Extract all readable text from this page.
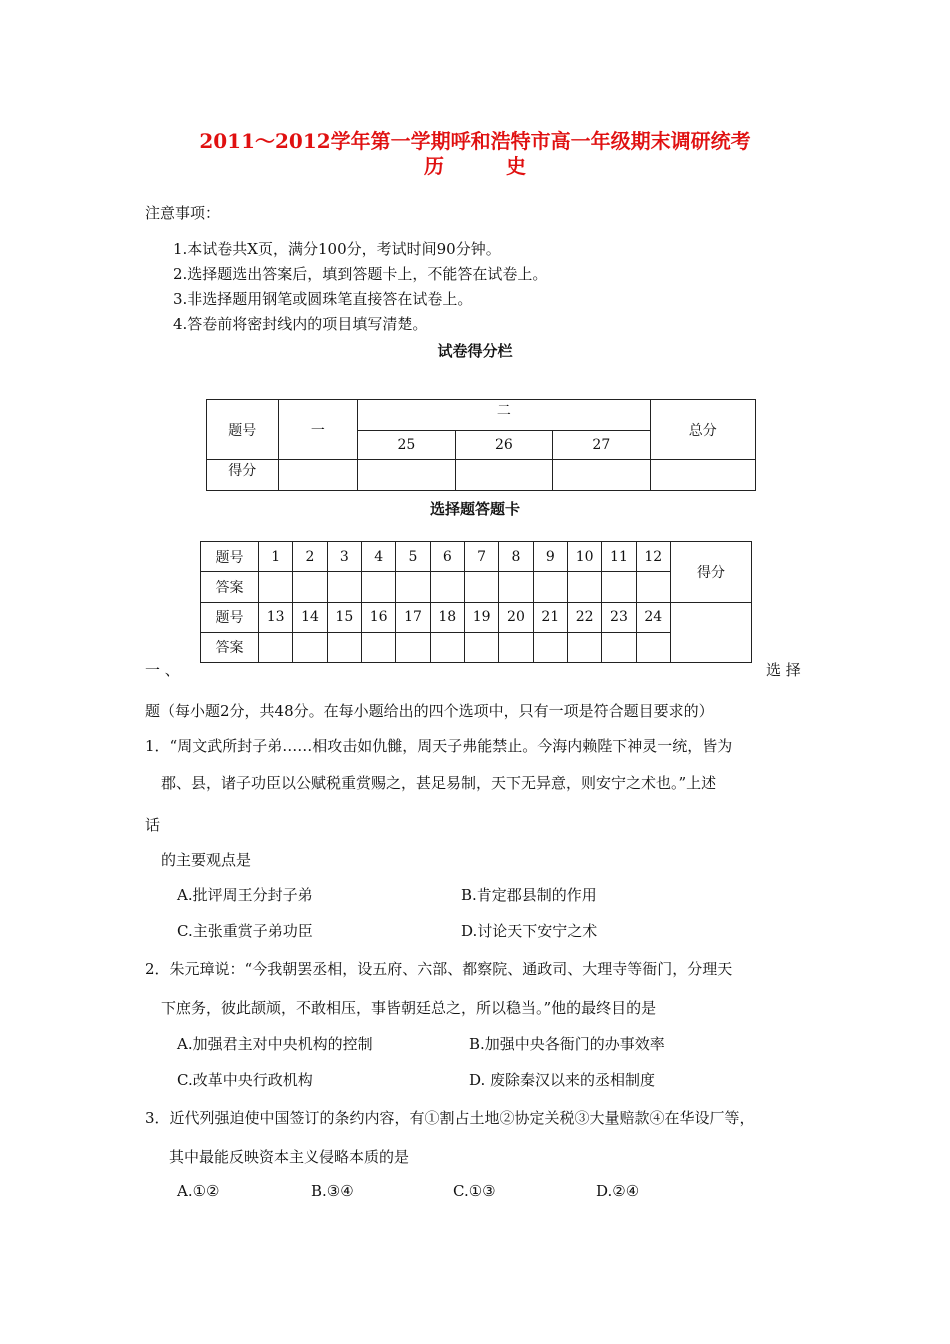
2011～2012学年第一学期呼和浩特市高一年级期末调研统考
历	史
注意事项：
1.本试卷共X页，满分100分，考试时间90分钟。
2.选择题选出答案后，填到答题卡上，不能答在试卷上。
3.非选择题用钢笔或圆珠笔直接答在试卷上。
4.答卷前将密封线内的项目填写清楚。
试卷得分栏
题号	一	二			总分
		25	26	27	
得分					
选择题答题卡
题号	1	2	3	4	5	6	7	8	9	10	11	12	得分
答案													
题号	13	14	15	16	17	18	19	20	21	22	23	24	
答案													
一 、	选 择
题（每小题2分，共48分。在每小题给出的四个选项中，只有一项是符合题目要求的）
1．“周文武所封子弟……相攻击如仇雠，周天子弗能禁止。今海内赖陛下神灵一统，皆为
郡、县，诸子功臣以公赋税重赏赐之，甚足易制，天下无异意，则安宁之术也。”上述
话
的主要观点是
A.批评周王分封子弟	B.肯定郡县制的作用
C.主张重赏子弟功臣	D.讨论天下安宁之术
2．朱元璋说：“今我朝罢丞相，设五府、六部、都察院、通政司、大理寺等衙门，分理天
下庶务，彼此颉颃，不敢相压，事皆朝廷总之，所以稳当。”他的最终目的是
A.加强君主对中央机构的控制	B.加强中央各衙门的办事效率
C.改革中央行政机构	D. 废除秦汉以来的丞相制度
3．近代列强迫使中国签订的条约内容，有①割占土地②协定关税③大量赔款④在华设厂等，
其中最能反映资本主义侵略本质的是
A.①②	B.③④	C.①③	D.②④
